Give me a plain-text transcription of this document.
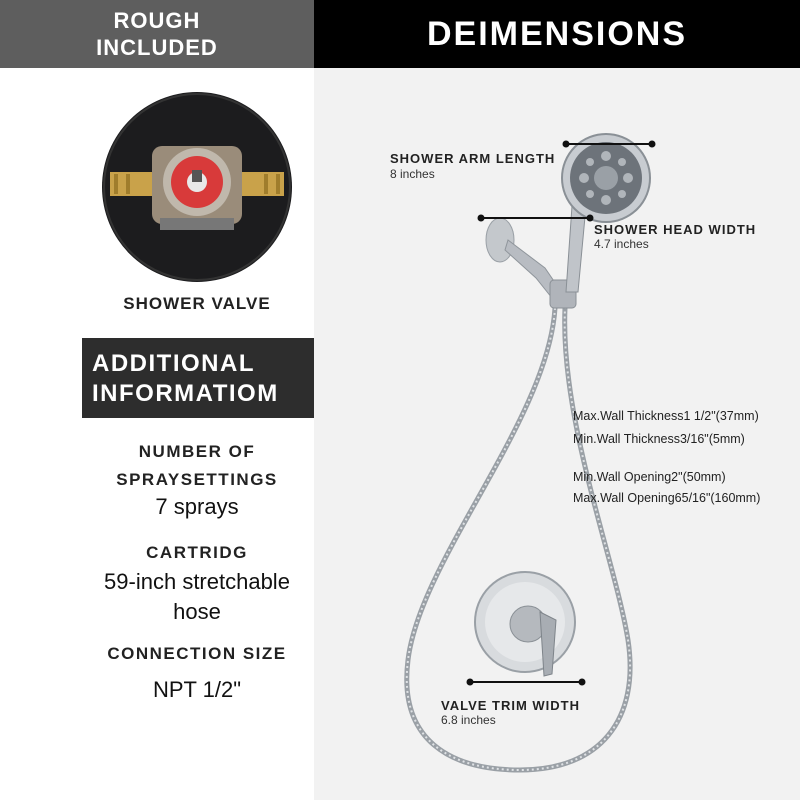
ROUGH
INCLUDED	DEIMENSIONS
SHOWER VALVE
ADDITIONAL
INFORMATIOM
NUMBER OF
SPRAYSETTINGS
7 sprays
CARTRIDG
59-inch stretchable
hose
CONNECTION SIZE
NPT 1/2"
SHOWER ARM LENGTH
8 inches
SHOWER HEAD WIDTH
4.7 inches
VALVE TRIM WIDTH
6.8 inches
Max.Wall Thickness1 1/2"(37mm)
Min.Wall Thickness3/16"(5mm)
Min.Wall Opening2"(50mm)
Max.Wall Opening65/16"(160mm)
